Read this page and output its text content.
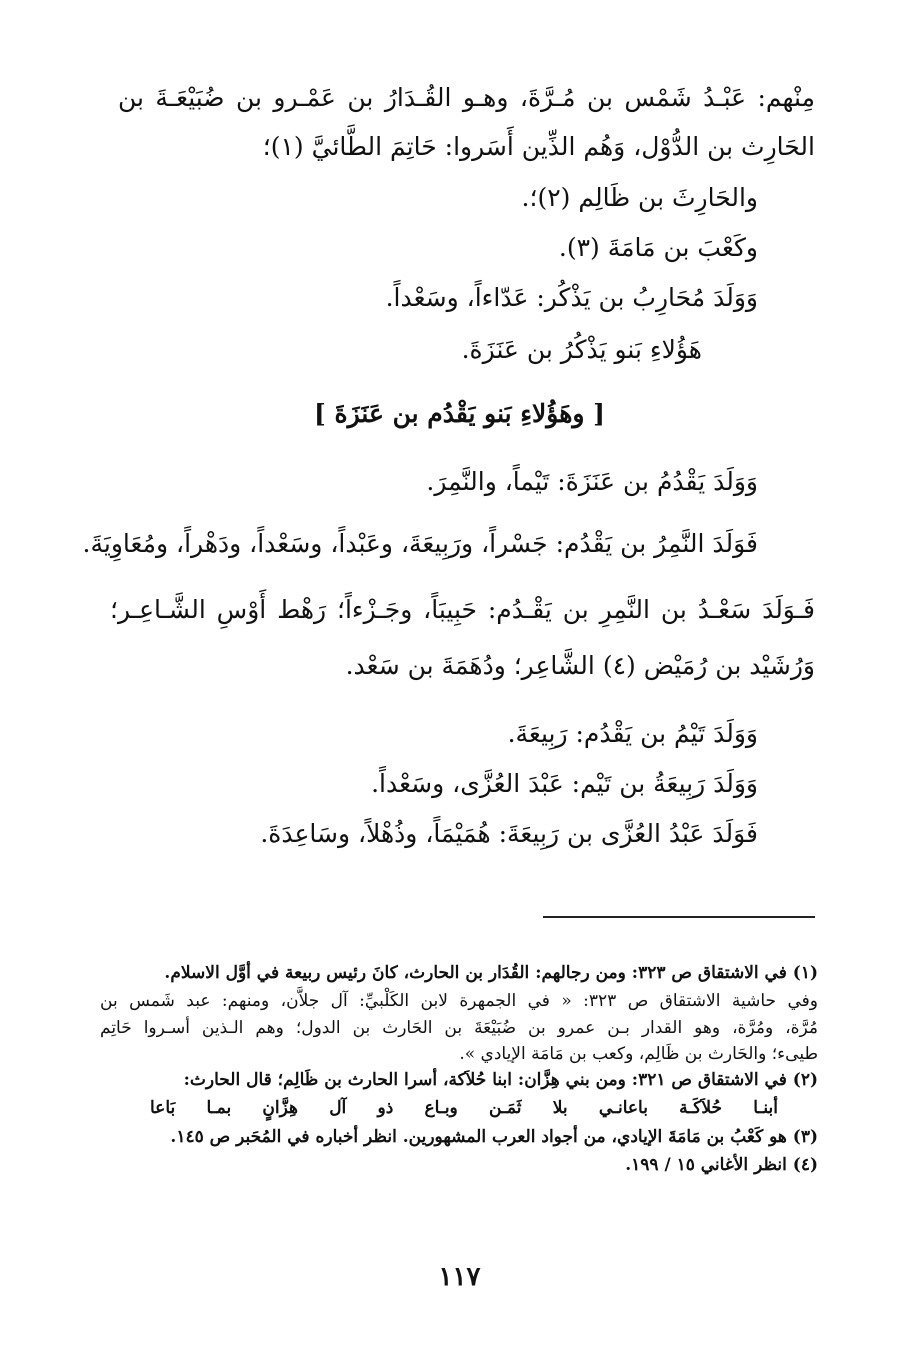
مِنْهم: عَبْـدُ شَمْس بن مُـرَّةَ، وهـو القُـدَارُ بن عَمْـرو بن ضُبَيْعَـةَ بن
الحَارِث بن الدُّوْل، وَهُم الذِّين أَسَروا: حَاتِمَ الطَّائيَّ (١)؛
والحَارِثَ بن ظَالِم (٢)؛.
وكَعْبَ بن مَامَةَ (٣).
وَوَلَدَ مُحَارِبُ بن يَذْكُر: عَدّاءاً، وسَعْداً.
هَؤُلاءِ بَنو يَذْكُرُ بن عَنَزَةَ.
[ وهَؤُلاءِ بَنو يَقْدُم بن عَنَزَةَ ]
وَوَلَدَ يَقْدُمُ بن عَنَزَةَ: تَيْماً، والنَّمِرَ.
فَوَلَدَ النَّمِرُ بن يَقْدُم: جَسْراً، ورَبِيعَةَ، وعَبْداً، وسَعْداً، ودَهْراً، ومُعَاوِيَةَ.
فَـوَلَدَ سَعْـدُ بن النَّمِرِ بن يَقْـدُم: حَبِيبَاً، وجَـزْءاً؛ رَهْط أَوْسِ الشَّـاعِـر؛
وَرُشَيْد بن رُمَيْض (٤) الشَّاعِر؛ ودُهَمَةَ بن سَعْد.
وَوَلَدَ تَيْمُ بن يَقْدُم: رَبِيعَةَ.
وَوَلَدَ رَبِيعَةُ بن تَيْم: عَبْدَ العُزَّى، وسَعْداً.
فَوَلَدَ عَبْدُ العُزَّى بن رَبِيعَةَ: هُمَيْمَاً، وذُهْلاً، وسَاعِدَةَ.
(١) في الاشتقاق ص ٣٢٣: ومن رجالهم: القُدَار بن الحارث، كانَ رئيس ربيعة في أوَّل الاسلام.
وفي حاشية الاشتقاق ص ٣٢٣: « في الجمهرة لابن الكَلْبيِّ: آل جلاَّن، ومنهم: عبد شَمس بن
مُرَّة، ومُرَّة، وهو القدار بـن عمرو بن ضُبَيْعَةَ بن الحَارث بن الدول؛ وهم الـذين أسـروا حَاتِم
طيىء؛ والحَارث بن ظَالِم، وكعب بن مَامَة الإيادي ».
(٢) في الاشتقاق ص ٣٢١: ومن بني هِزَّان: ابنا حُلاَكة، أسرا الحارث بن ظَالِم؛ قال الحارث:
أبنـا حُلاَكَـة باعانـي بلا ثَمَـن وبـاع ذو آل هِزَّانٍ بمـا بَاعا
(٣) هو كَعْبُ بن مَامَةَ الإيادي، من أجواد العرب المشهورين. انظر أخباره في المُحَبر ص ١٤٥.
(٤) انظر الأغاني ١٥ / ١٩٩.
١١٧
